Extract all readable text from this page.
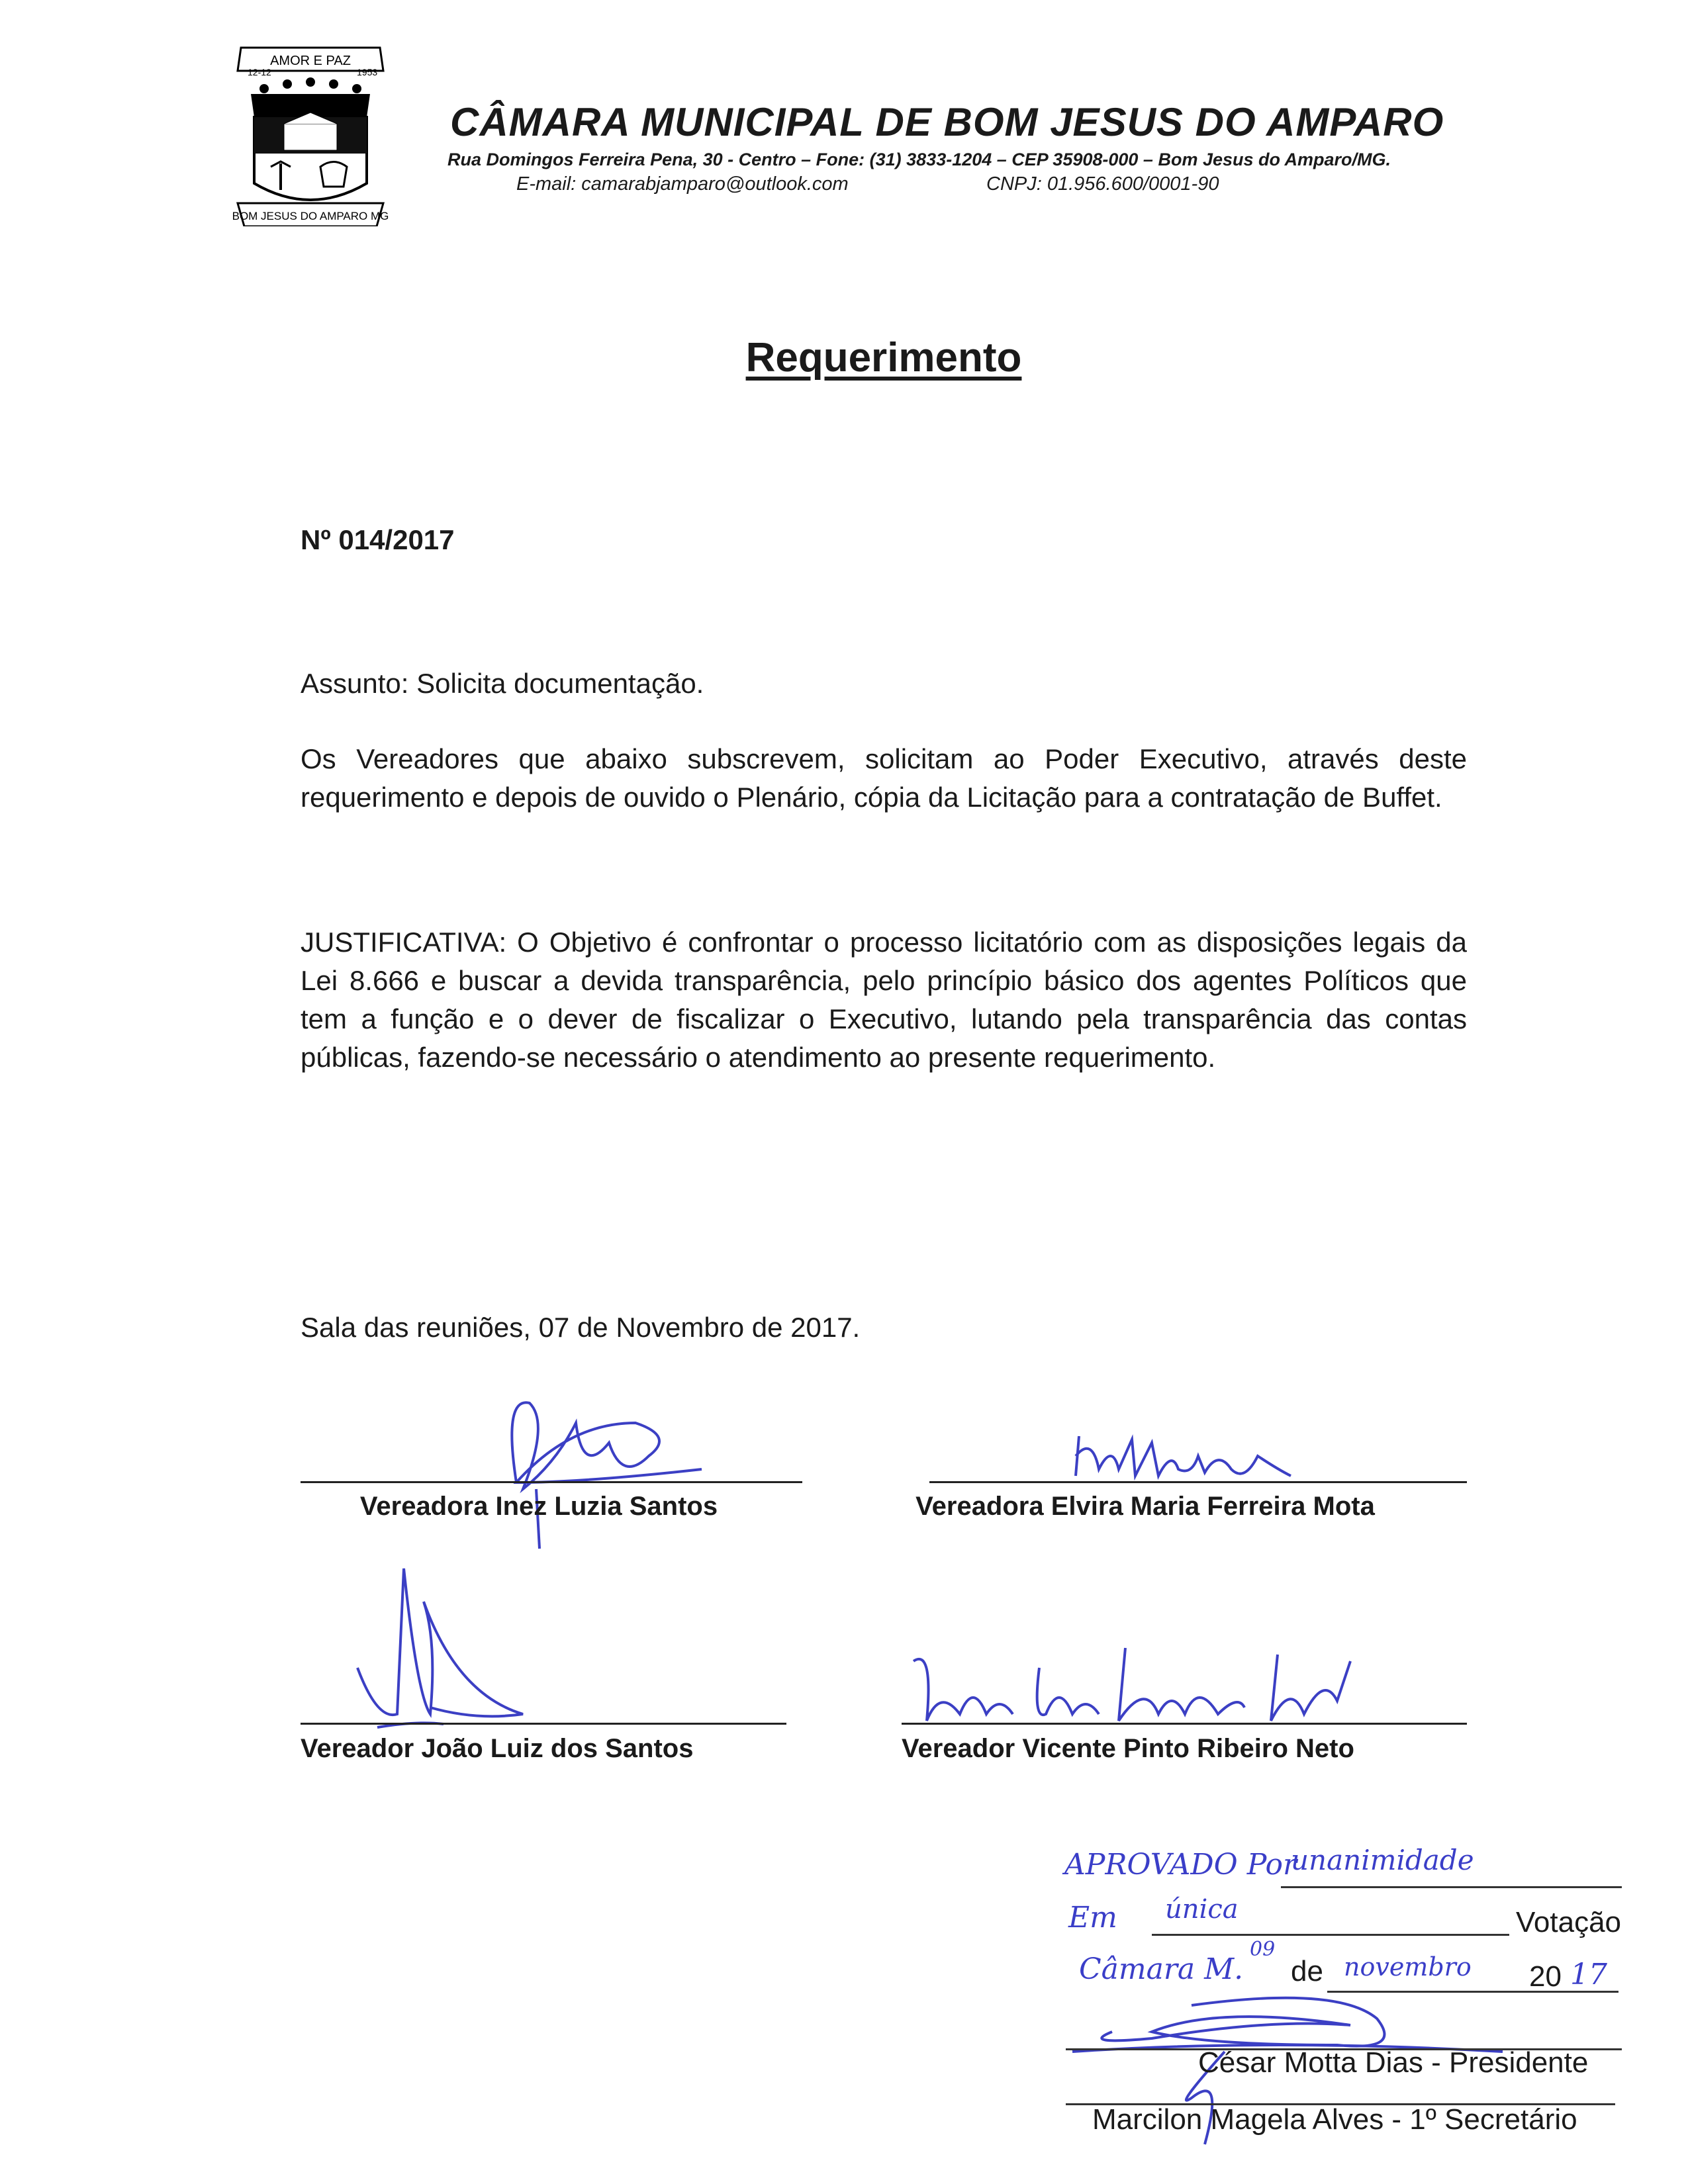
AMOR E PAZ
12-12	1953
BOM JESUS DO AMPARO MG
CÂMARA MUNICIPAL DE BOM JESUS DO AMPARO
Rua Domingos Ferreira Pena, 30 - Centro – Fone: (31) 3833-1204 – CEP 35908-000 – Bom Jesus do Amparo/MG.
E-mail: camarabjamparo@outlook.com	CNPJ: 01.956.600/0001-90
Requerimento
Nº 014/2017
Assunto: Solicita documentação.
Os Vereadores que abaixo subscrevem, solicitam ao Poder Executivo, através deste requerimento e depois de ouvido o Plenário, cópia da Licitação para a contratação de Buffet.
JUSTIFICATIVA: O Objetivo é confrontar o processo licitatório com as disposições legais da Lei 8.666 e buscar a devida transparência, pelo princípio básico dos agentes Políticos que tem a função e o dever de fiscalizar o Executivo, lutando pela transparência das contas públicas, fazendo-se necessário o atendimento ao presente requerimento.
Sala das reuniões, 07 de Novembro de 2017.
Vereadora Inez Luzia Santos	Vereadora Elvira Maria Ferreira Mota
Vereador João Luiz dos Santos	Vereador Vicente Pinto Ribeiro Neto
APROVADO Por
unanimidade
Em única	Votação
Câmara M.
09
de novembro 20 17
César Motta Dias - Presidente
Marcilon Magela Alves - 1º Secretário
